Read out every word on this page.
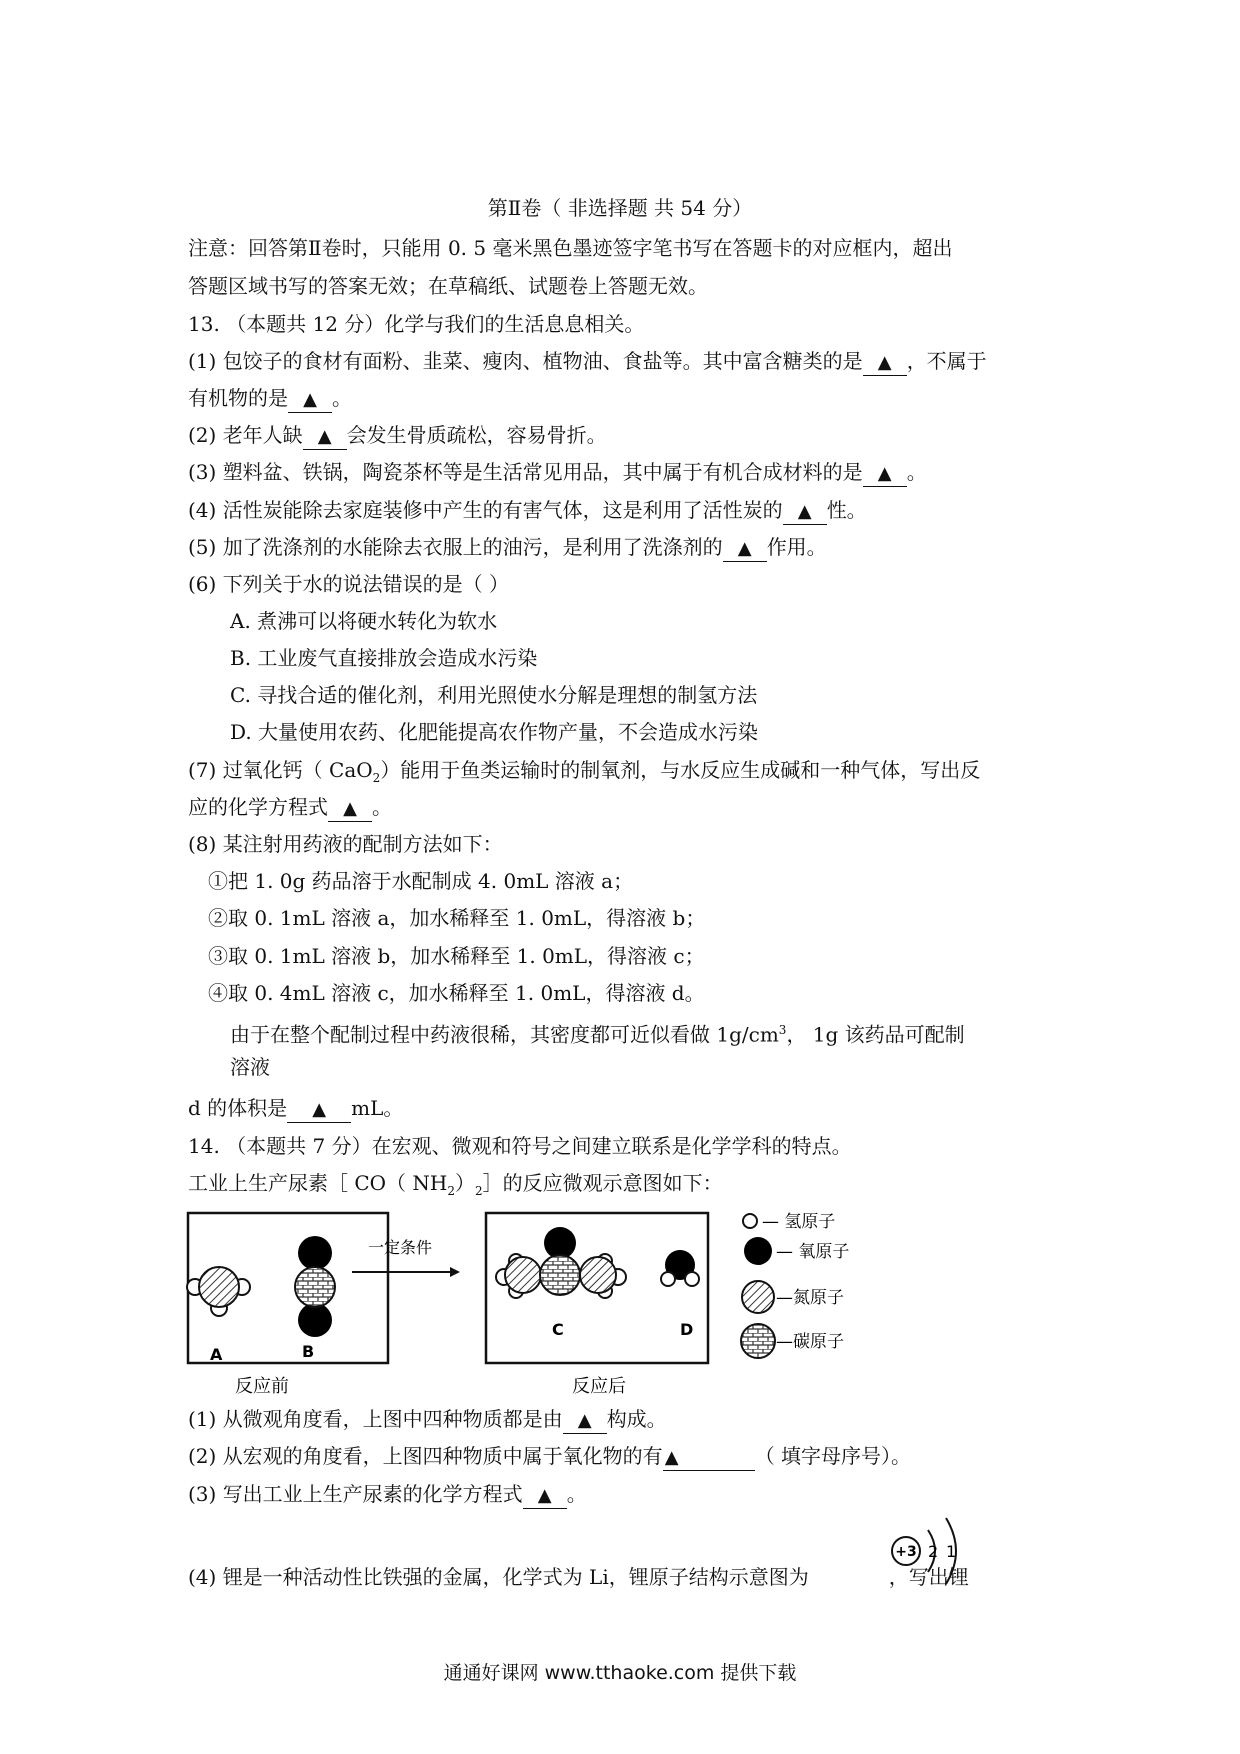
第Ⅱ卷（ 非选择题 共 54 分）
注意：回答第Ⅱ卷时，只能用 0. 5 毫米黑色墨迹签字笔书写在答题卡的对应框内，超出
答题区域书写的答案无效；在草稿纸、试题卷上答题无效。
13. （本题共 12 分）化学与我们的生活息息相关。
(1) 包饺子的食材有面粉、韭菜、瘦肉、植物油、食盐等。其中富含糖类的是 ▲ ，不属于
有机物的是 ▲ 。
(2) 老年人缺 ▲ 会发生骨质疏松，容易骨折。
(3) 塑料盆、铁锅，陶瓷茶杯等是生活常见用品，其中属于有机合成材料的是 ▲ 。
(4) 活性炭能除去家庭装修中产生的有害气体，这是利用了活性炭的 ▲ 性。
(5) 加了洗涤剂的水能除去衣服上的油污，是利用了洗涤剂的 ▲ 作用。
(6) 下列关于水的说法错误的是（ ）
A. 煮沸可以将硬水转化为软水
B. 工业废气直接排放会造成水污染
C. 寻找合适的催化剂，利用光照使水分解是理想的制氢方法
D. 大量使用农药、化肥能提高农作物产量，不会造成水污染
(7) 过氧化钙（ CaO$_2$）能用于鱼类运输时的制氧剂，与水反应生成碱和一种气体，写出反
应的化学方程式 ▲ 。
(8) 某注射用药液的配制方法如下：
①把 1. 0g 药品溶于水配制成 4. 0mL 溶液 a；
②取 0. 1mL 溶液 a，加水稀释至 1. 0mL，得溶液 b；
③取 0. 1mL 溶液 b，加水稀释至 1. 0mL，得溶液 c；
④取 0. 4mL 溶液 c，加水稀释至 1. 0mL，得溶液 d。
由于在整个配制过程中药液很稀，其密度都可近似看做 $1g/cm^3$， 1g 该药品可配制
溶液
d 的体积是 ▲ mL。
14. （本题共 7 分）在宏观、微观和符号之间建立联系是化学学科的特点。
工业上生产尿素［ CO（ $NH_2)_2]$的反应微观示意图如下：
A	B
反应前
一定条件
C	D
反应后
— 氢原子
— 氧原子
—氮原子
—碳原子
(1) 从微观角度看，上图中四种物质都是由 ▲ 构成。
(2) 从宏观的角度看，上图四种物质中属于氧化物的有 ▲	（ 填字母序号）。
(3) 写出工业上生产尿素的化学方程式 ▲ 。
+3 2 1
(4) 锂是一种活动性比铁强的金属，化学式为 Li，锂原子结构示意图为	，写出锂
通通好课网 www.tthaoke.com 提供下载
